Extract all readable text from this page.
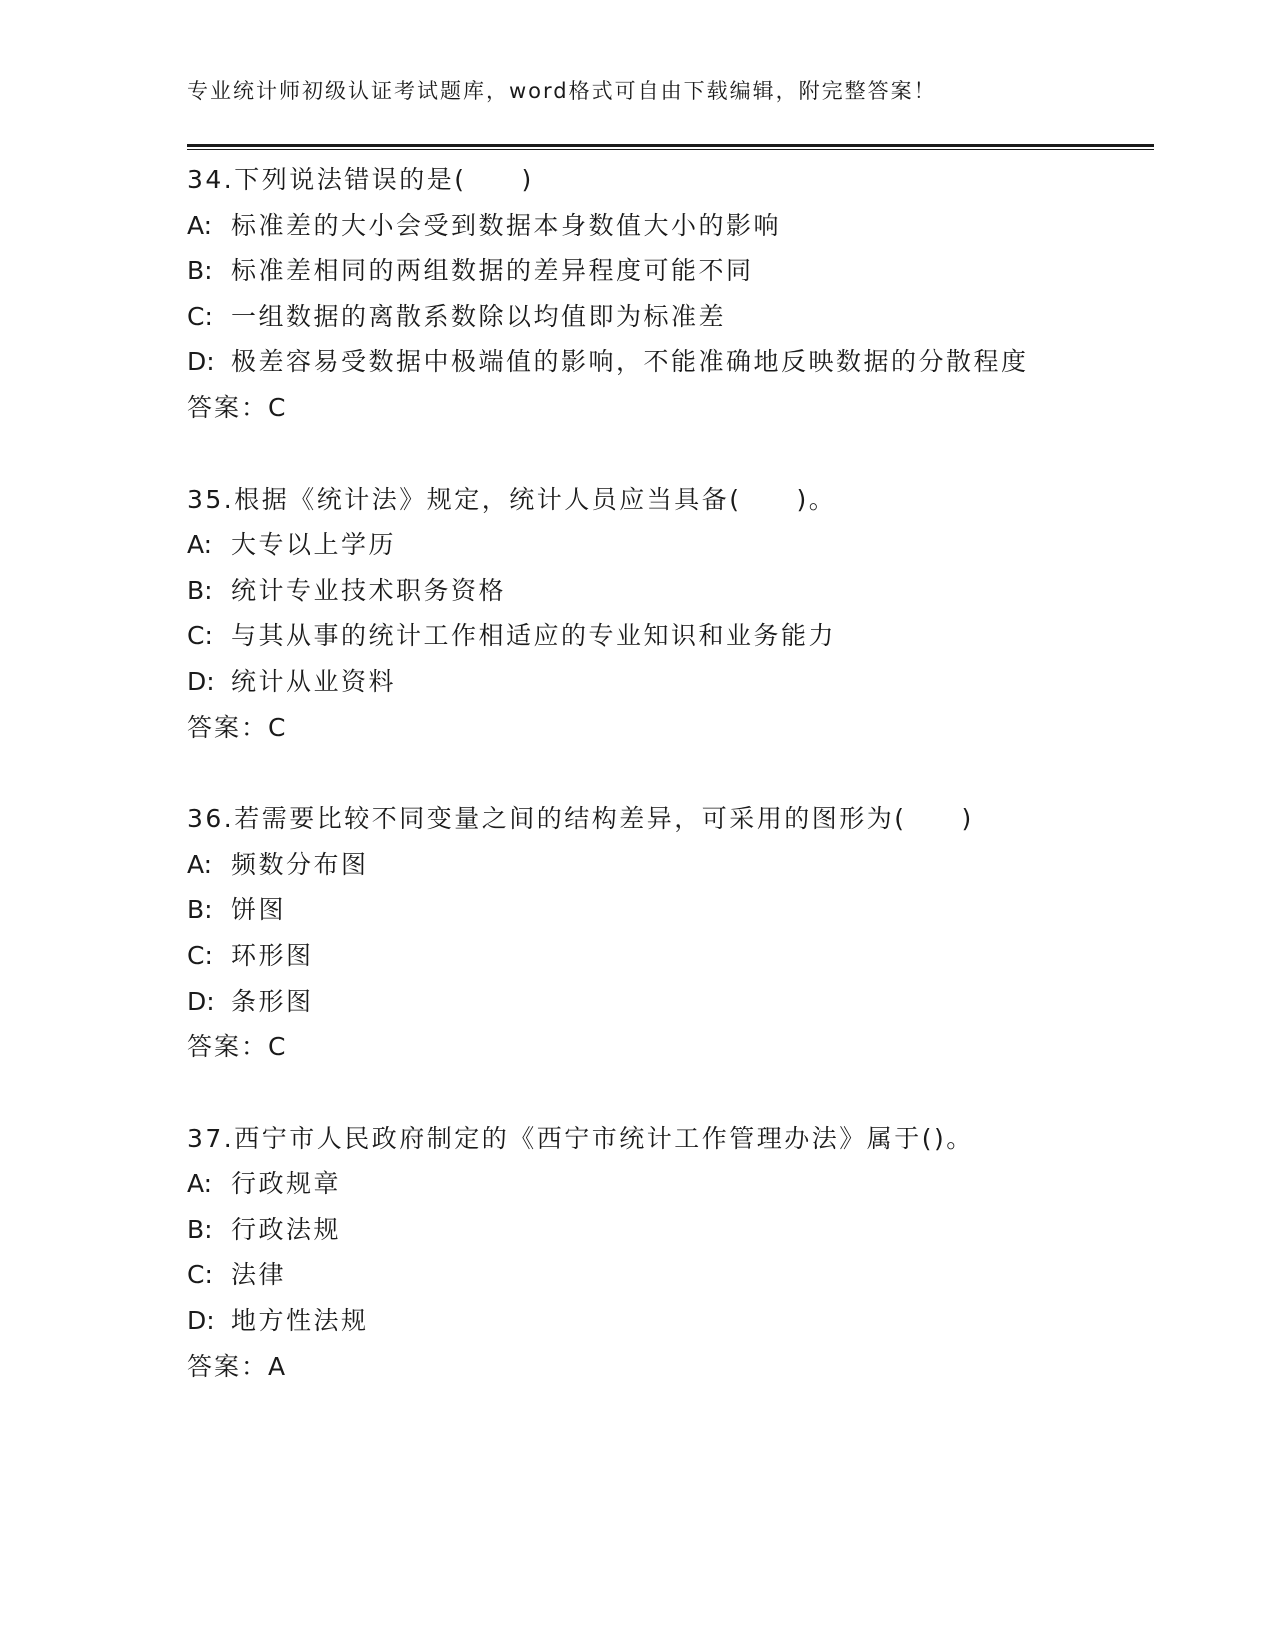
专业统计师初级认证考试题库，word格式可自由下载编辑，附完整答案！
34.下列说法错误的是(　　)
A: 标准差的大小会受到数据本身数值大小的影响
B: 标准差相同的两组数据的差异程度可能不同
C: 一组数据的离散系数除以均值即为标准差
D: 极差容易受数据中极端值的影响，不能准确地反映数据的分散程度
答案：C
35.根据《统计法》规定，统计人员应当具备(　　)。
A: 大专以上学历
B: 统计专业技术职务资格
C: 与其从事的统计工作相适应的专业知识和业务能力
D: 统计从业资料
答案：C
36.若需要比较不同变量之间的结构差异，可采用的图形为(　　)
A: 频数分布图
B: 饼图
C: 环形图
D: 条形图
答案：C
37.西宁市人民政府制定的《西宁市统计工作管理办法》属于()。
A: 行政规章
B: 行政法规
C: 法律
D: 地方性法规
答案：A
